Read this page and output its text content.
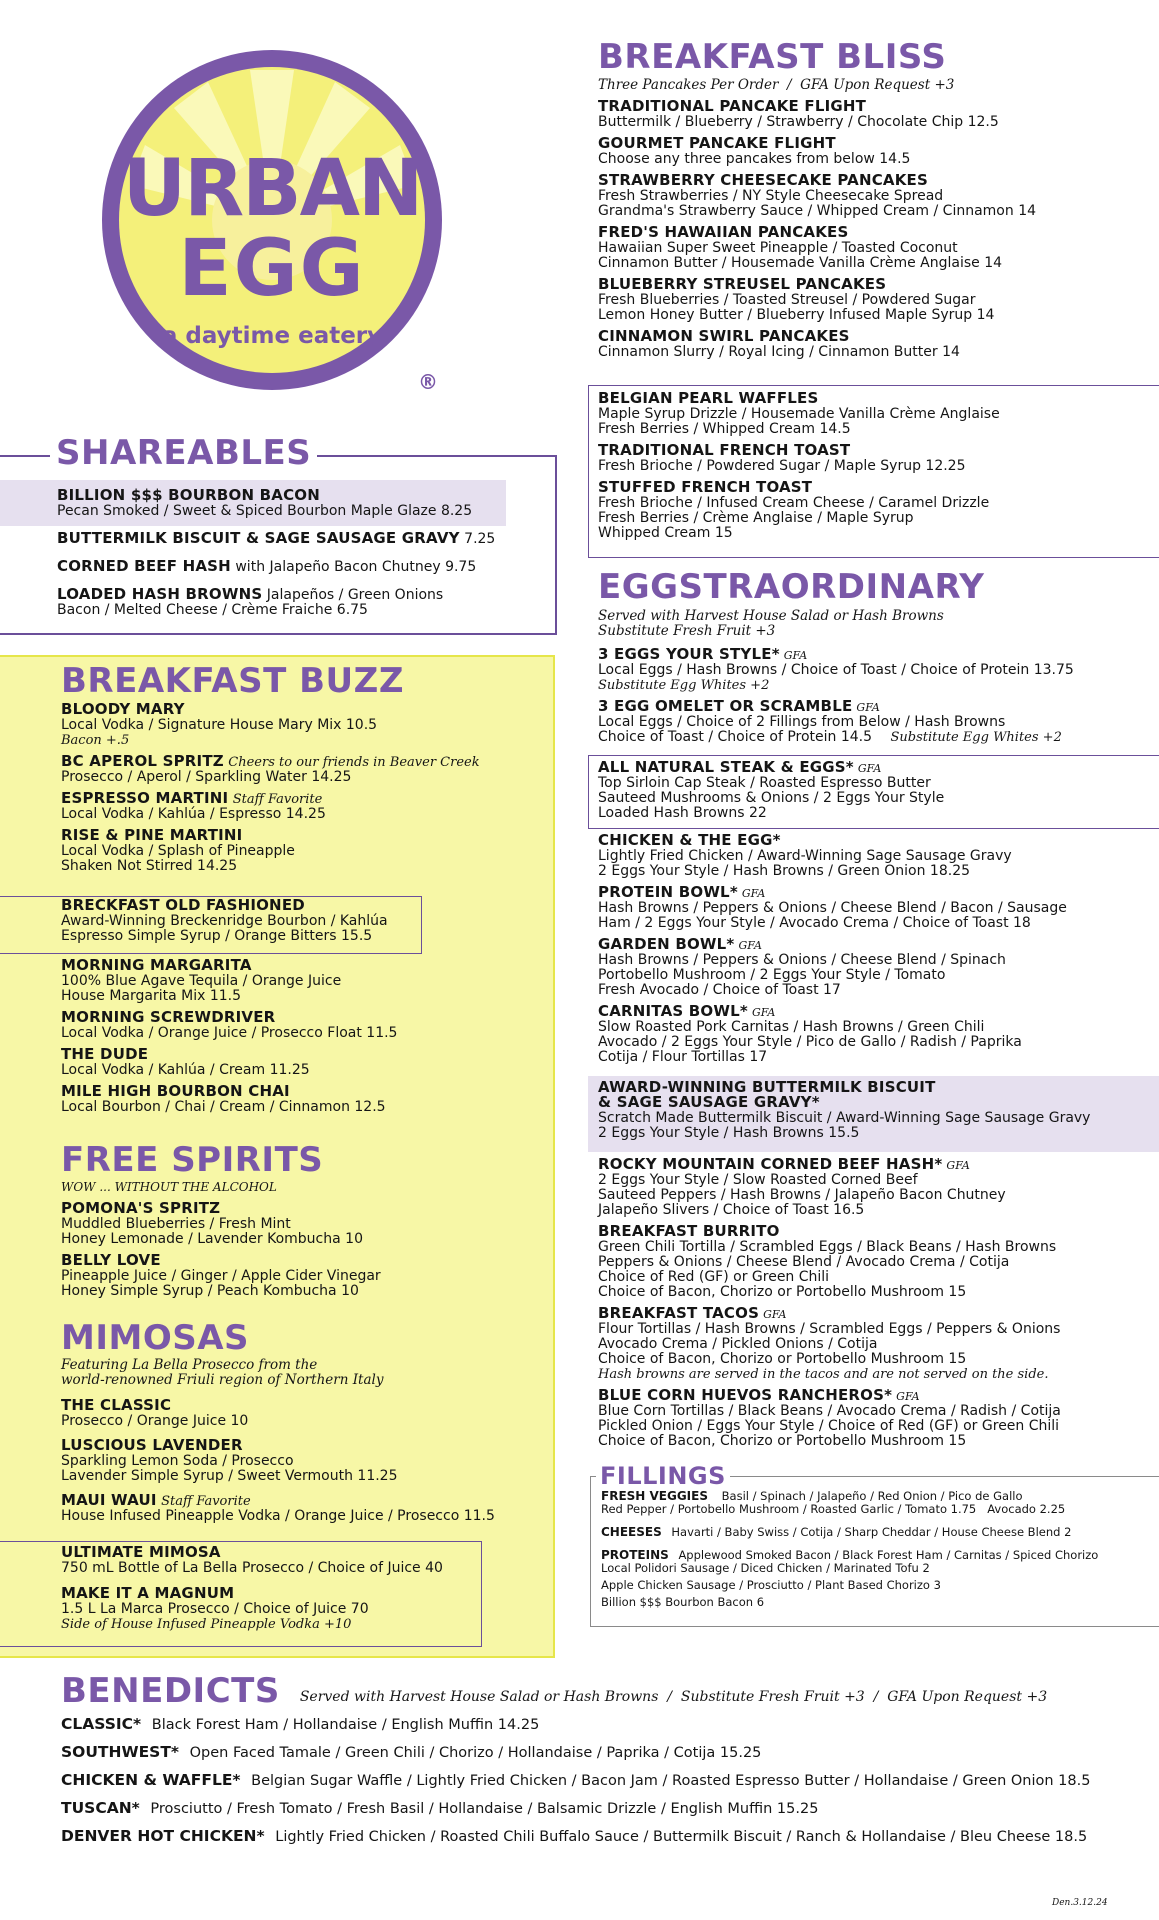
URBAN
EGG
a daytime eatery
®
SHAREABLES
BILLION $$$ BOURBON BACON
Pecan Smoked / Sweet & Spiced Bourbon Maple Glaze 8.25
BUTTERMILK BISCUIT & SAGE SAUSAGE GRAVY 7.25
CORNED BEEF HASH with Jalapeño Bacon Chutney 9.75
LOADED HASH BROWNS Jalapeños / Green Onions
Bacon / Melted Cheese / Crème Fraiche 6.75
BREAKFAST BUZZ
BLOODY MARY
Local Vodka / Signature House Mary Mix 10.5
Bacon +.5
BC APEROL SPRITZ Cheers to our friends in Beaver Creek
Prosecco / Aperol / Sparkling Water 14.25
ESPRESSO MARTINI Staff Favorite
Local Vodka / Kahlúa / Espresso 14.25
RISE & PINE MARTINI
Local Vodka / Splash of Pineapple
Shaken Not Stirred 14.25
BRECKFAST OLD FASHIONED
Award-Winning Breckenridge Bourbon / Kahlúa
Espresso Simple Syrup / Orange Bitters 15.5
MORNING MARGARITA
100% Blue Agave Tequila / Orange Juice
House Margarita Mix 11.5
MORNING SCREWDRIVER
Local Vodka / Orange Juice / Prosecco Float 11.5
THE DUDE
Local Vodka / Kahlúa / Cream 11.25
MILE HIGH BOURBON CHAI
Local Bourbon / Chai / Cream / Cinnamon 12.5
FREE SPIRITS
WOW ... WITHOUT THE ALCOHOL
POMONA'S SPRITZ
Muddled Blueberries / Fresh Mint
Honey Lemonade / Lavender Kombucha 10
BELLY LOVE
Pineapple Juice / Ginger / Apple Cider Vinegar
Honey Simple Syrup / Peach Kombucha 10
MIMOSAS
Featuring La Bella Prosecco from the
world-renowned Friuli region of Northern Italy
THE CLASSIC
Prosecco / Orange Juice 10
LUSCIOUS LAVENDER
Sparkling Lemon Soda / Prosecco
Lavender Simple Syrup / Sweet Vermouth 11.25
MAUI WAUI Staff Favorite
House Infused Pineapple Vodka / Orange Juice / Prosecco 11.5
ULTIMATE MIMOSA
750 mL Bottle of La Bella Prosecco / Choice of Juice 40
MAKE IT A MAGNUM
1.5 L La Marca Prosecco / Choice of Juice 70
Side of House Infused Pineapple Vodka +10
BREAKFAST BLISS
Three Pancakes Per Order  /  GFA Upon Request +3
TRADITIONAL PANCAKE FLIGHT
Buttermilk / Blueberry / Strawberry / Chocolate Chip 12.5
GOURMET PANCAKE FLIGHT
Choose any three pancakes from below 14.5
STRAWBERRY CHEESECAKE PANCAKES
Fresh Strawberries / NY Style Cheesecake Spread
Grandma's Strawberry Sauce / Whipped Cream / Cinnamon 14
FRED'S HAWAIIAN PANCAKES
Hawaiian Super Sweet Pineapple / Toasted Coconut
Cinnamon Butter / Housemade Vanilla Crème Anglaise 14
BLUEBERRY STREUSEL PANCAKES
Fresh Blueberries / Toasted Streusel / Powdered Sugar
Lemon Honey Butter / Blueberry Infused Maple Syrup 14
CINNAMON SWIRL PANCAKES
Cinnamon Slurry / Royal Icing / Cinnamon Butter 14
BELGIAN PEARL WAFFLES
Maple Syrup Drizzle / Housemade Vanilla Crème Anglaise
Fresh Berries / Whipped Cream 14.5
TRADITIONAL FRENCH TOAST
Fresh Brioche / Powdered Sugar / Maple Syrup 12.25
STUFFED FRENCH TOAST
Fresh Brioche / Infused Cream Cheese / Caramel Drizzle
Fresh Berries / Crème Anglaise / Maple Syrup
Whipped Cream 15
EGGSTRAORDINARY
Served with Harvest House Salad or Hash Browns
Substitute Fresh Fruit +3
3 EGGS YOUR STYLE* GFA
Local Eggs / Hash Browns / Choice of Toast / Choice of Protein 13.75
Substitute Egg Whites +2
3 EGG OMELET OR SCRAMBLE GFA
Local Eggs / Choice of 2 Fillings from Below / Hash Browns
Choice of Toast / Choice of Protein 14.5 Substitute Egg Whites +2
ALL NATURAL STEAK & EGGS* GFA
Top Sirloin Cap Steak / Roasted Espresso Butter
Sauteed Mushrooms & Onions / 2 Eggs Your Style
Loaded Hash Browns 22
CHICKEN & THE EGG*
Lightly Fried Chicken / Award-Winning Sage Sausage Gravy
2 Eggs Your Style / Hash Browns / Green Onion 18.25
PROTEIN BOWL* GFA
Hash Browns / Peppers & Onions / Cheese Blend / Bacon / Sausage
Ham / 2 Eggs Your Style / Avocado Crema / Choice of Toast 18
GARDEN BOWL* GFA
Hash Browns / Peppers & Onions / Cheese Blend / Spinach
Portobello Mushroom / 2 Eggs Your Style / Tomato
Fresh Avocado / Choice of Toast 17
CARNITAS BOWL* GFA
Slow Roasted Pork Carnitas / Hash Browns / Green Chili
Avocado / 2 Eggs Your Style / Pico de Gallo / Radish / Paprika
Cotija / Flour Tortillas 17
AWARD-WINNING BUTTERMILK BISCUIT
& SAGE SAUSAGE GRAVY*
Scratch Made Buttermilk Biscuit / Award-Winning Sage Sausage Gravy
2 Eggs Your Style / Hash Browns 15.5
ROCKY MOUNTAIN CORNED BEEF HASH* GFA
2 Eggs Your Style / Slow Roasted Corned Beef
Sauteed Peppers / Hash Browns / Jalapeño Bacon Chutney
Jalapeño Slivers / Choice of Toast 16.5
BREAKFAST BURRITO
Green Chili Tortilla / Scrambled Eggs / Black Beans / Hash Browns
Peppers & Onions / Cheese Blend / Avocado Crema / Cotija
Choice of Red (GF) or Green Chili
Choice of Bacon, Chorizo or Portobello Mushroom 15
BREAKFAST TACOS GFA
Flour Tortillas / Hash Browns / Scrambled Eggs / Peppers & Onions
Avocado Crema / Pickled Onions / Cotija
Choice of Bacon, Chorizo or Portobello Mushroom 15
Hash browns are served in the tacos and are not served on the side.
BLUE CORN HUEVOS RANCHEROS* GFA
Blue Corn Tortillas / Black Beans / Avocado Crema / Radish / Cotija
Pickled Onion / Eggs Your Style / Choice of Red (GF) or Green Chili
Choice of Bacon, Chorizo or Portobello Mushroom 15
FILLINGS
FRESH VEGGIES Basil / Spinach / Jalapeño / Red Onion / Pico de Gallo
Red Pepper / Portobello Mushroom / Roasted Garlic / Tomato 1.75   Avocado 2.25
CHEESES Havarti / Baby Swiss / Cotija / Sharp Cheddar / House Cheese Blend 2
PROTEINS Applewood Smoked Bacon / Black Forest Ham / Carnitas / Spiced Chorizo
Local Polidori Sausage / Diced Chicken / Marinated Tofu 2
Apple Chicken Sausage / Prosciutto / Plant Based Chorizo 3
Billion $$$ Bourbon Bacon 6
BENEDICTS Served with Harvest House Salad or Hash Browns  /  Substitute Fresh Fruit +3  /  GFA Upon Request +3
CLASSIC* Black Forest Ham / Hollandaise / English Muffin 14.25
SOUTHWEST* Open Faced Tamale / Green Chili / Chorizo / Hollandaise / Paprika / Cotija 15.25
CHICKEN & WAFFLE* Belgian Sugar Waffle / Lightly Fried Chicken / Bacon Jam / Roasted Espresso Butter / Hollandaise / Green Onion 18.5
TUSCAN* Prosciutto / Fresh Tomato / Fresh Basil / Hollandaise / Balsamic Drizzle / English Muffin 15.25
DENVER HOT CHICKEN* Lightly Fried Chicken / Roasted Chili Buffalo Sauce / Buttermilk Biscuit / Ranch & Hollandaise / Bleu Cheese 18.5
Den.3.12.24
